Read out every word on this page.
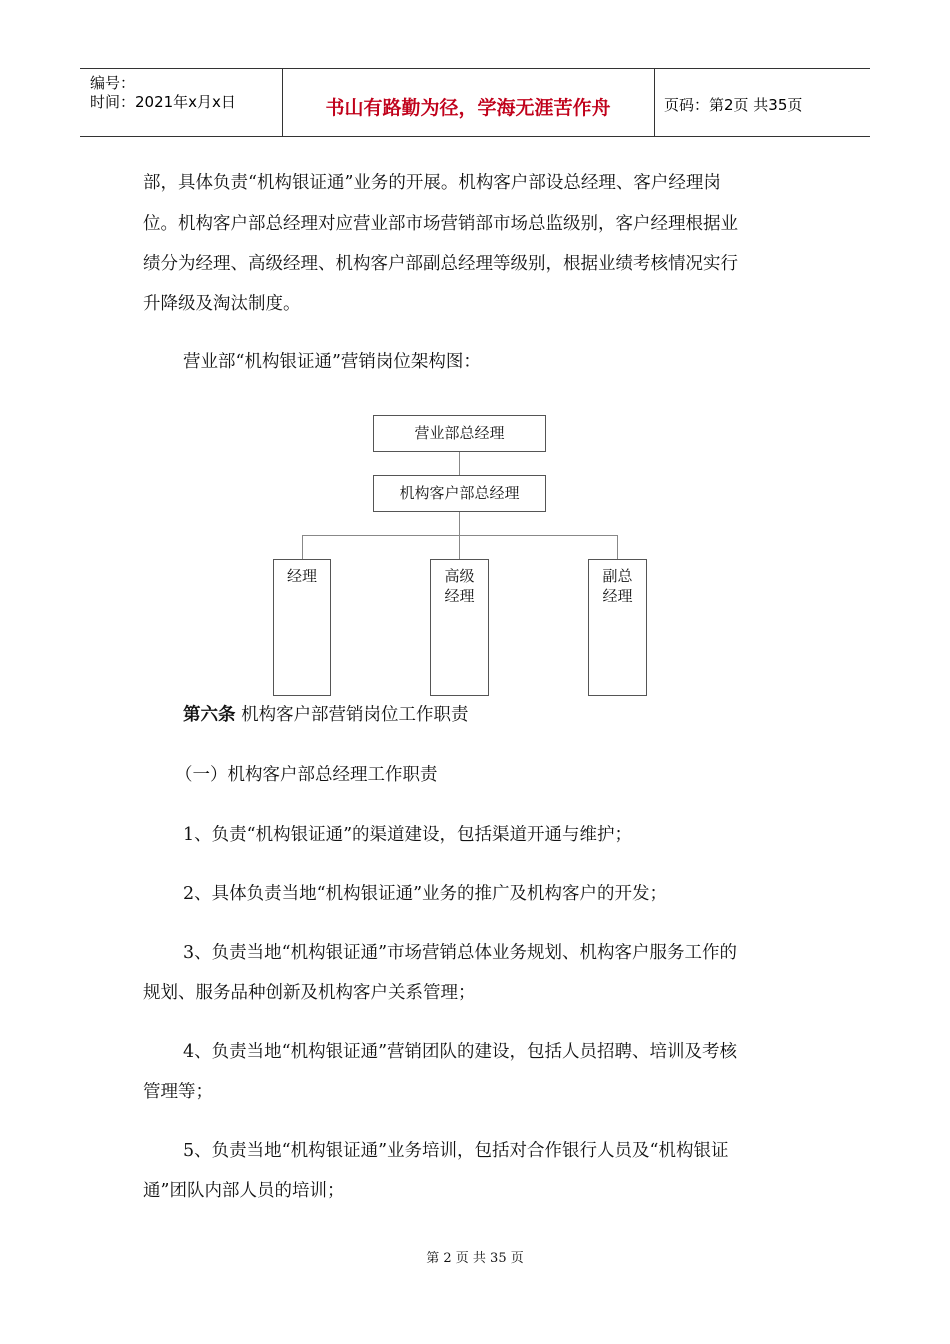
编号：
时间：2021年x月x日	书山有路勤为径，学海无涯苦作舟	页码：第2页 共35页
部，具体负责“机构银证通”业务的开展。机构客户部设总经理、客户经理岗
位。机构客户部总经理对应营业部市场营销部市场总监级别，客户经理根据业
绩分为经理、高级经理、机构客户部副总经理等级别，根据业绩考核情况实行
升降级及淘汰制度。
营业部“机构银证通”营销岗位架构图：
营业部总经理
机构客户部总经理
经理	高级
经理
副总
经理
第六条 机构客户部营销岗位工作职责
（一）机构客户部总经理工作职责
1、负责“机构银证通”的渠道建设，包括渠道开通与维护；
2、具体负责当地“机构银证通”业务的推广及机构客户的开发；
3、负责当地“机构银证通”市场营销总体业务规划、机构客户服务工作的
规划、服务品种创新及机构客户关系管理；
4、负责当地“机构银证通”营销团队的建设，包括人员招聘、培训及考核
管理等；
5、负责当地“机构银证通”业务培训，包括对合作银行人员及“机构银证
通”团队内部人员的培训；
第 2 页 共 35 页
